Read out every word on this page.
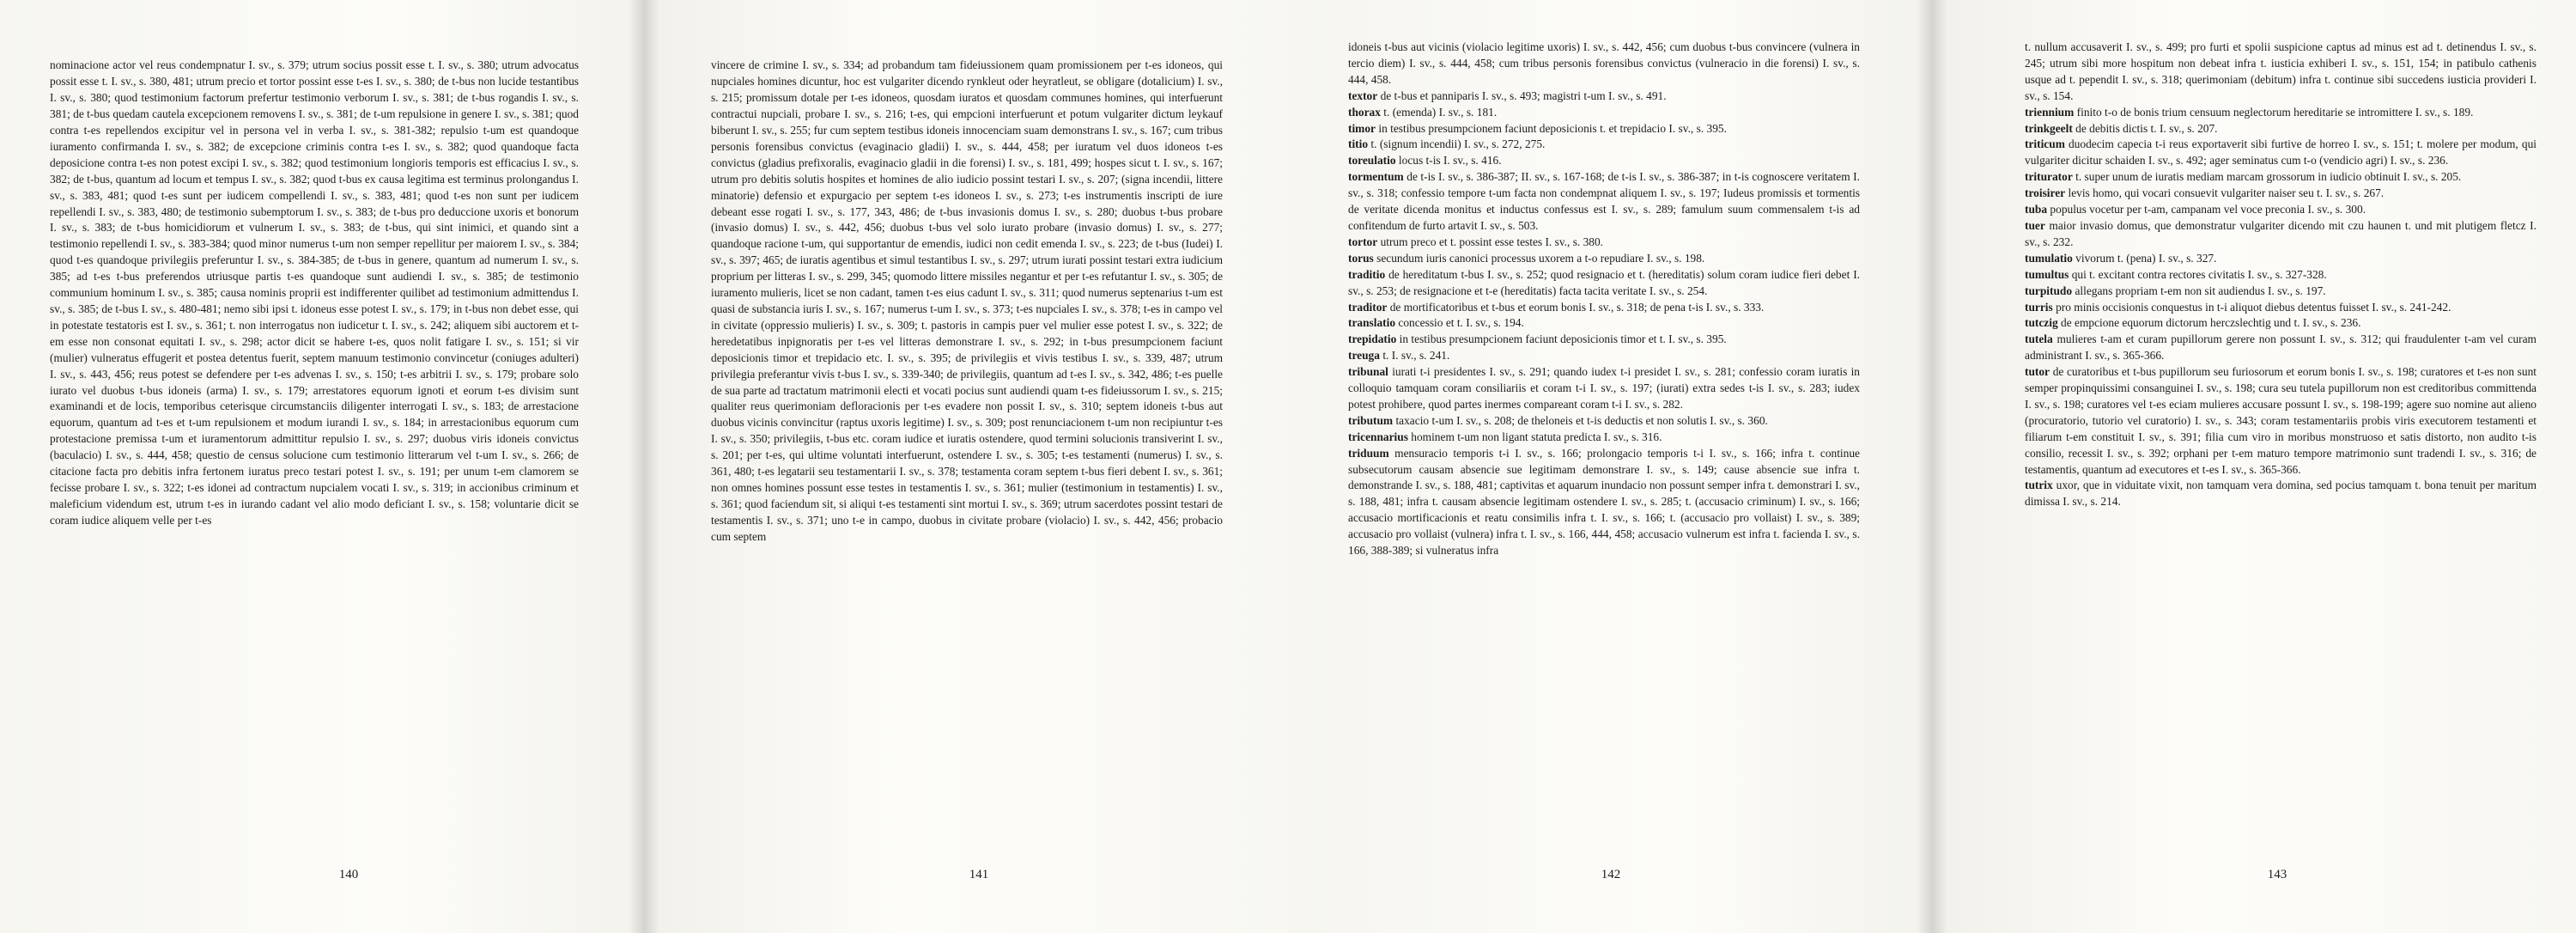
nominacione actor vel reus condempnatur I. sv., s. 379; utrum socius possit esse t. I. sv., s. 380; utrum advocatus possit esse t. I. sv., s. 380, 481; utrum precio et tortor possint esse t-es I. sv., s. 380; de t-bus non lucide testantibus I. sv., s. 380; quod testimonium factorum prefertur testimonio verborum I. sv., s. 381; de t-bus rogandis I. sv., s. 381; de t-bus quedam cautela excepcionem removens I. sv., s. 381; de t-um repulsione in genere I. sv., s. 381; quod contra t-es repellendos excipitur vel in persona vel in verba I. sv., s. 381-382; repulsio t-um est quandoque iuramento confirmanda I. sv., s. 382; de excepcione criminis contra t-es I. sv., s. 382; quod quandoque facta deposicione contra t-es non potest excipi I. sv., s. 382; quod testimonium longioris temporis est efficacius I. sv., s. 382; de t-bus, quantum ad locum et tempus I. sv., s. 382; quod t-bus ex causa legitima est terminus prolongandus I. sv., s. 383, 481; quod t-es sunt per iudicem compellendi I. sv., s. 383, 481; quod t-es non sunt per iudicem repellendi I. sv., s. 383, 480; de testimonio subemptorum I. sv., s. 383; de t-bus pro deduccione uxoris et bonorum I. sv., s. 383; de t-bus homicidiorum et vulnerum I. sv., s. 383; de t-bus, qui sint inimici, et quando sint a testimonio repellendi I. sv., s. 383-384; quod minor numerus t-um non semper repellitur per maiorem I. sv., s. 384; quod t-es quandoque privilegiis preferuntur I. sv., s. 384-385; de t-bus in genere, quantum ad numerum I. sv., s. 385; ad t-es t-bus preferendos utriusque partis t-es quandoque sunt audiendi I. sv., s. 385; de testimonio communium hominum I. sv., s. 385; causa nominis proprii est indifferenter quilibet ad testimonium admittendus I. sv., s. 385; de t-bus I. sv., s. 480-481; nemo sibi ipsi t. idoneus esse potest I. sv., s. 179; in t-bus non debet esse, qui in potestate testatoris est I. sv., s. 361; t. non interrogatus non iudicetur t. I. sv., s. 242; aliquem sibi auctorem et t-em esse non consonat equitati I. sv., s. 298; actor dicit se habere t-es, quos nolit fatigare I. sv., s. 151; si vir (mulier) vulneratus effugerit et postea detentus fuerit, septem manuum testimonio convincetur (coniuges adulteri) I. sv., s. 443, 456; reus potest se defendere per t-es advenas I. sv., s. 150; t-es arbitrii I. sv., s. 179; probare solo iurato vel duobus t-bus idoneis (arma) I. sv., s. 179; arrestatores equorum ignoti et eorum t-es divisim sunt examinandi et de locis, temporibus ceterisque circumstanciis diligenter interrogati I. sv., s. 183; de arrestacione equorum, quantum ad t-es et t-um repulsionem et modum iurandi I. sv., s. 184; in arrestacionibus equorum cum protestacione premissa t-um et iuramentorum admittitur repulsio I. sv., s. 297; duobus viris idoneis convictus (baculacio) I. sv., s. 444, 458; questio de census solucione cum testimonio litterarum vel t-um I. sv., s. 266; de citacione facta pro debitis infra fertonem iuratus preco testari potest I. sv., s. 191; per unum t-em clamorem se fecisse probare I. sv., s. 322; t-es idonei ad contractum nupcialem vocati I. sv., s. 319; in accionibus criminum et maleficium videndum est, utrum t-es in iurando cadant vel alio modo deficiant I. sv., s. 158; voluntarie dicit se coram iudice aliquem velle per t-es

140

vincere de crimine I. sv., s. 334; ad probandum tam fideiussionem quam promissionem per t-es idoneos, qui nupciales homines dicuntur, hoc est vulgariter dicendo rynkleut oder heyratleut, se obligare (dotalicium) I. sv., s. 215; promissum dotale per t-es idoneos, quosdam iuratos et quosdam communes homines, qui interfuerunt contractui nupciali, probare I. sv., s. 216; t-es, qui empcioni interfuerunt et potum vulgariter dictum leykauf biberunt I. sv., s. 255; fur cum septem testibus idoneis innocenciam suam demonstrans I. sv., s. 167; cum tribus personis forensibus convictus (evaginacio gladii) I. sv., s. 444, 458; per iuratum vel duos idoneos t-es convictus (gladius prefixoralis, evaginacio gladii in die forensi) I. sv., s. 181, 499; hospes sicut t. I. sv., s. 167; utrum pro debitis solutis hospites et homines de alio iudicio possint testari I. sv., s. 207; (signa incendii, littere minatorie) defensio et expurgacio per septem t-es idoneos I. sv., s. 273; t-es instrumentis inscripti de iure debeant esse rogati I. sv., s. 177, 343, 486; de t-bus invasionis domus I. sv., s. 280; duobus t-bus probare (invasio domus) I. sv., s. 442, 456; duobus t-bus vel solo iurato probare (invasio domus) I. sv., s. 277; quandoque racione t-um, qui supportantur de emendis, iudici non cedit emenda I. sv., s. 223; de t-bus (Iudei) I. sv., s. 397; 465; de iuratis agentibus et simul testantibus I. sv., s. 297; utrum iurati possint testari extra iudicium proprium per litteras I. sv., s. 299, 345; quomodo littere missiles negantur et per t-es refutantur I. sv., s. 305; de iuramento mulieris, licet se non cadant, tamen t-es eius cadunt I. sv., s. 311; quod numerus septenarius t-um est quasi de substancia iuris I. sv., s. 167; numerus t-um I. sv., s. 373; t-es nupciales I. sv., s. 378; t-es in campo vel in civitate (oppressio mulieris) I. sv., s. 309; t. pastoris in campis puer vel mulier esse potest I. sv., s. 322; de heredetatibus inpignoratis per t-es vel litteras demonstrare I. sv., s. 292; in t-bus presumpcionem faciunt deposicionis timor et trepidacio etc. I. sv., s. 395; de privilegiis et vivis testibus I. sv., s. 339, 487; utrum privilegia preferantur vivis t-bus I. sv., s. 339-340; de privilegiis, quantum ad t-es I. sv., s. 342, 486; t-es puelle de sua parte ad tractatum matrimonii electi et vocati pocius sunt audiendi quam t-es fideiussorum I. sv., s. 215; qualiter reus querimoniam defloracionis per t-es evadere non possit I. sv., s. 310; septem idoneis t-bus aut duobus vicinis convincitur (raptus uxoris legitime) I. sv., s. 309; post renunciacionem t-um non recipiuntur t-es I. sv., s. 350; privilegiis, t-bus etc. coram iudice et iuratis ostendere, quod termini solucionis transiverint I. sv., s. 201; per t-es, qui ultime voluntati interfuerunt, ostendere I. sv., s. 305; t-es testamenti (numerus) I. sv., s. 361, 480; t-es legatarii seu testamentarii I. sv., s. 378; testamenta coram septem t-bus fieri debent I. sv., s. 361; non omnes homines possunt esse testes in testamentis I. sv., s. 361; mulier (testimonium in testamentis) I. sv., s. 361; quod faciendum sit, si aliqui t-es testamenti sint mortui I. sv., s. 369; utrum sacerdotes possint testari de testamentis I. sv., s. 371; uno t-e in campo, duobus in civitate probare (violacio) I. sv., s. 442, 456; probacio cum septem

141

idoneis t-bus aut vicinis (violacio legitime uxoris) I. sv., s. 442, 456; cum duobus t-bus convincere (vulnera in tercio diem) I. sv., s. 444, 458; cum tribus personis forensibus convictus (vulneracio in die forensi) I. sv., s. 444, 458.

textor de t-bus et panniparis I. sv., s. 493; magistri t-um I. sv., s. 491.

thorax t. (emenda) I. sv., s. 181.

timor in testibus presumpcionem faciunt deposicionis t. et trepidacio I. sv., s. 395.

titio t. (signum incendii) I. sv., s. 272, 275.

toreulatio locus t-is I. sv., s. 416.

tormentum de t-is I. sv., s. 386-387; II. sv., s. 167-168; de t-is I. sv., s. 386-387; in t-is cognoscere veritatem I. sv., s. 318; confessio tempore t-um facta non condempnat aliquem I. sv., s. 197; Iudeus promissis et tormentis de veritate dicenda monitus et inductus confessus est I. sv., s. 289; famulum suum commensalem t-is ad confitendum de furto artavit I. sv., s. 503.

tortor utrum preco et t. possint esse testes I. sv., s. 380.

torus secundum iuris canonici processus uxorem a t-o repudiare I. sv., s. 198.

traditio de hereditatum t-bus I. sv., s. 252; quod resignacio et t. (hereditatis) solum coram iudice fieri debet I. sv., s. 253; de resignacione et t-e (hereditatis) facta tacita veritate I. sv., s. 254.

traditor de mortificatoribus et t-bus et eorum bonis I. sv., s. 318; de pena t-is I. sv., s. 333.

translatio concessio et t. I. sv., s. 194.

trepidatio in testibus presumpcionem faciunt deposicionis timor et t. I. sv., s. 395.

treuga t. I. sv., s. 241.

tribunal iurati t-i presidentes I. sv., s. 291; quando iudex t-i presidet I. sv., s. 281; confessio coram iuratis in colloquio tamquam coram consiliariis et coram t-i I. sv., s. 197; (iurati) extra sedes t-is I. sv., s. 283; iudex potest prohibere, quod partes inermes compareant coram t-i I. sv., s. 282.

tributum taxacio t-um I. sv., s. 208; de theloneis et t-is deductis et non solutis I. sv., s. 360.

tricennarius hominem t-um non ligant statuta predicta I. sv., s. 316.

triduum mensuracio temporis t-i I. sv., s. 166; prolongacio temporis t-i I. sv., s. 166; infra t. continue subsecutorum causam absencie sue legitimam demonstrare I. sv., s. 149; cause absencie sue infra t. demonstrande I. sv., s. 188, 481; captivitas et aquarum inundacio non possunt semper infra t. demonstrari I. sv., s. 188, 481; infra t. causam absencie legitimam ostendere I. sv., s. 285; t. (accusacio criminum) I. sv., s. 166; accusacio mortificacionis et reatu consimilis infra t. I. sv., s. 166; t. (accusacio pro vollaist) I. sv., s. 389; accusacio pro vollaist (vulnera) infra t. I. sv., s. 166, 444, 458; accusacio vulnerum est infra t. facienda I. sv., s. 166, 388-389; si vulneratus infra

142

t. nullum accusaverit I. sv., s. 499; pro furti et spolii suspicione captus ad minus est ad t. detinendus I. sv., s. 245; utrum sibi more hospitum non debeat infra t. iusticia exhiberi I. sv., s. 151, 154; in patibulo cathenis usque ad t. pependit I. sv., s. 318; querimoniam (debitum) infra t. continue sibi succedens iusticia provideri I. sv., s. 154.

triennium finito t-o de bonis trium censuum neglectorum hereditarie se intromittere I. sv., s. 189.

trinkgeelt de debitis dictis t. I. sv., s. 207.

triticum duodecim capecia t-i reus exportaverit sibi furtive de horreo I. sv., s. 151; t. molere per modum, qui vulgariter dicitur schaiden I. sv., s. 492; ager seminatus cum t-o (vendicio agri) I. sv., s. 236.

triturator t. super unum de iuratis mediam marcam grossorum in iudicio obtinuit I. sv., s. 205.

troisirer levis homo, qui vocari consuevit vulgariter naiser seu t. I. sv., s. 267.

tuba populus vocetur per t-am, campanam vel voce preconia I. sv., s. 300.

tuer maior invasio domus, que demonstratur vulgariter dicendo mit czu haunen t. und mit plutigem fletcz I. sv., s. 232.

tumulatio vivorum t. (pena) I. sv., s. 327.

tumultus qui t. excitant contra rectores civitatis I. sv., s. 327-328.

turpitudo allegans propriam t-em non sit audiendus I. sv., s. 197.

turris pro minis occisionis conquestus in t-i aliquot diebus detentus fuisset I. sv., s. 241-242.

tutczig de empcione equorum dictorum herczslechtig und t. I. sv., s. 236.

tutela mulieres t-am et curam pupillorum gerere non possunt I. sv., s. 312; qui fraudulenter t-am vel curam administrant I. sv., s. 365-366.

tutor de curatoribus et t-bus pupillorum seu furiosorum et eorum bonis I. sv., s. 198; curatores et t-es non sunt semper propinquissimi consanguinei I. sv., s. 198; cura seu tutela pupillorum non est creditoribus committenda I. sv., s. 198; curatores vel t-es eciam mulieres accusare possunt I. sv., s. 198-199; agere suo nomine aut alieno (procuratorio, tutorio vel curatorio) I. sv., s. 343; coram testamentariis probis viris executorem testamenti et filiarum t-em constituit I. sv., s. 391; filia cum viro in moribus monstruoso et satis distorto, non audito t-is consilio, recessit I. sv., s. 392; orphani per t-em maturo tempore matrimonio sunt tradendi I. sv., s. 316; de testamentis, quantum ad executores et t-es I. sv., s. 365-366.

tutrix uxor, que in viduitate vixit, non tamquam vera domina, sed pocius tamquam t. bona tenuit per maritum dimissa I. sv., s. 214.

143
